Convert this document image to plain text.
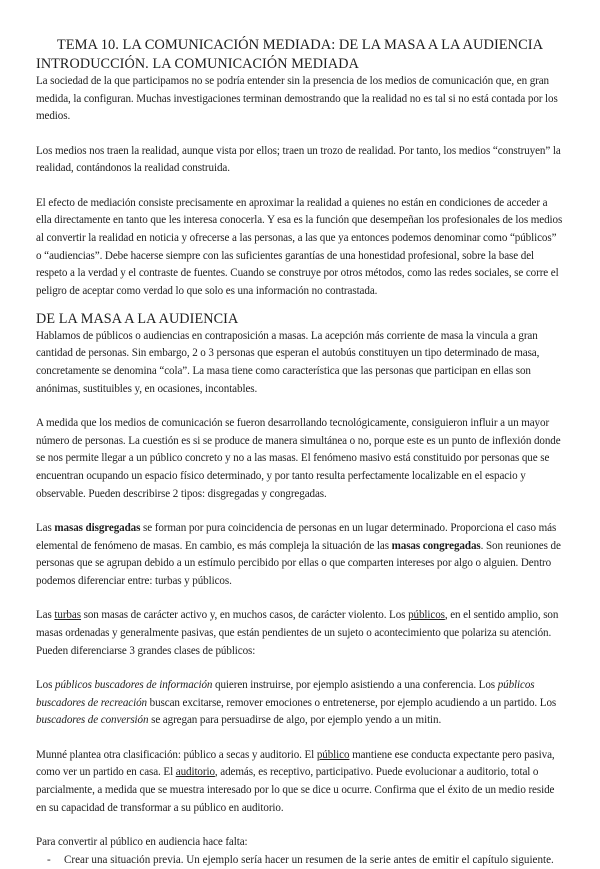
TEMA 10. LA COMUNICACIÓN MEDIADA: DE LA MASA A LA AUDIENCIA
INTRODUCCIÓN. LA COMUNICACIÓN MEDIADA

La sociedad de la que participamos no se podría entender sin la presencia de los medios de comunicación que, en gran medida, la configuran. Muchas investigaciones terminan demostrando que la realidad no es tal si no está contada por los medios.

Los medios nos traen la realidad, aunque vista por ellos; traen un trozo de realidad. Por tanto, los medios “construyen” la realidad, contándonos la realidad construida.

El efecto de mediación consiste precisamente en aproximar la realidad a quienes no están en condiciones de acceder a ella directamente en tanto que les interesa conocerla. Y esa es la función que desempeñan los profesionales de los medios al convertir la realidad en noticia y ofrecerse a las personas, a las que ya entonces podemos denominar como “públicos” o “audiencias”. Debe hacerse siempre con las suficientes garantías de una honestidad profesional, sobre la base del respeto a la verdad y el contraste de fuentes. Cuando se construye por otros métodos, como las redes sociales, se corre el peligro de aceptar como verdad lo que solo es una información no contrastada.

DE LA MASA A LA AUDIENCIA

Hablamos de públicos o audiencias en contraposición a masas. La acepción más corriente de masa la vincula a gran cantidad de personas. Sin embargo, 2 o 3 personas que esperan el autobús constituyen un tipo determinado de masa, concretamente se denomina “cola”. La masa tiene como característica que las personas que participan en ellas son anónimas, sustituibles y, en ocasiones, incontables.

A medida que los medios de comunicación se fueron desarrollando tecnológicamente, consiguieron influir a un mayor número de personas. La cuestión es si se produce de manera simultánea o no, porque este es un punto de inflexión donde se nos permite llegar a un público concreto y no a las masas. El fenómeno masivo está constituido por personas que se encuentran ocupando un espacio físico determinado, y por tanto resulta perfectamente localizable en el espacio y observable. Pueden describirse 2 tipos: disgregadas y congregadas.

Las masas disgregadas se forman por pura coincidencia de personas en un lugar determinado. Proporciona el caso más elemental de fenómeno de masas. En cambio, es más compleja la situación de las masas congregadas. Son reuniones de personas que se agrupan debido a un estímulo percibido por ellas o que comparten intereses por algo o alguien. Dentro podemos diferenciar entre: turbas y públicos.

Las turbas son masas de carácter activo y, en muchos casos, de carácter violento. Los públicos, en el sentido amplio, son masas ordenadas y generalmente pasivas, que están pendientes de un sujeto o acontecimiento que polariza su atención. Pueden diferenciarse 3 grandes clases de públicos:

Los públicos buscadores de información quieren instruirse, por ejemplo asistiendo a una conferencia. Los públicos buscadores de recreación buscan excitarse, remover emociones o entretenerse, por ejemplo acudiendo a un partido. Los buscadores de conversión se agregan para persuadirse de algo, por ejemplo yendo a un mitin.

Munné plantea otra clasificación: público a secas y auditorio. El público mantiene ese conducta expectante pero pasiva, como ver un partido en casa. El auditorio, además, es receptivo, participativo. Puede evolucionar a auditorio, total o parcialmente, a medida que se muestra interesado por lo que se dice u ocurre. Confirma que el éxito de un medio reside en su capacidad de transformar a su público en auditorio.

Para convertir al público en audiencia hace falta:

- Crear una situación previa. Un ejemplo sería hacer un resumen de la serie antes de emitir el capítulo siguiente.
